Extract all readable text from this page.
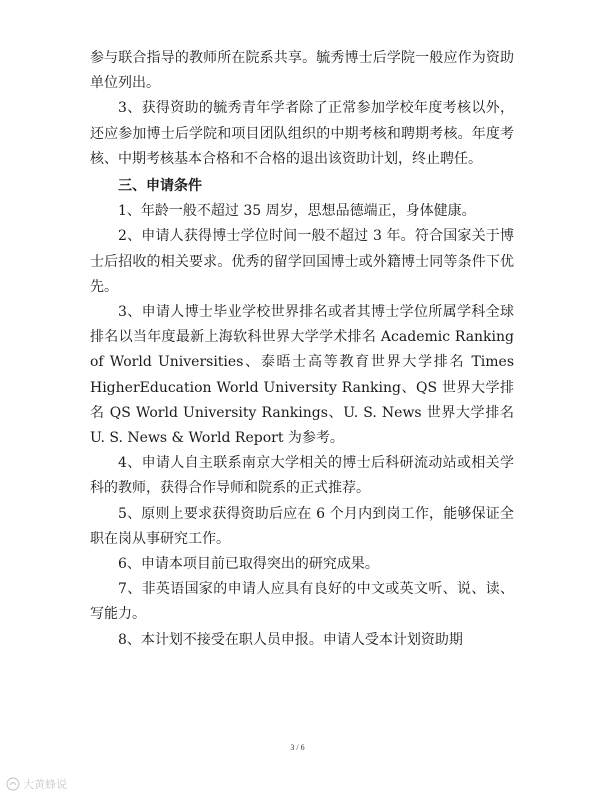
参与联合指导的教师所在院系共享。毓秀博士后学院一般应作为资助单位列出。

3、获得资助的毓秀青年学者除了正常参加学校年度考核以外，还应参加博士后学院和项目团队组织的中期考核和聘期考核。年度考核、中期考核基本合格和不合格的退出该资助计划，终止聘任。

三、申请条件

1、年龄一般不超过 35 周岁，思想品德端正，身体健康。

2、申请人获得博士学位时间一般不超过 3 年。符合国家关于博士后招收的相关要求。优秀的留学回国博士或外籍博士同等条件下优先。

3、申请人博士毕业学校世界排名或者其博士学位所属学科全球排名以当年度最新上海软科世界大学学术排名 Academic Ranking of World Universities、泰晤士高等教育世界大学排名 Times HigherEducation World University Ranking、QS 世界大学排名 QS World University Rankings、U. S. News 世界大学排名 U. S. News & World Report 为参考。

4、申请人自主联系南京大学相关的博士后科研流动站或相关学科的教师，获得合作导师和院系的正式推荐。

5、原则上要求获得资助后应在 6 个月内到岗工作，能够保证全职在岗从事研究工作。

6、申请本项目前已取得突出的研究成果。

7、非英语国家的申请人应具有良好的中文或英文听、说、读、写能力。

8、本计划不接受在职人员申报。申请人受本计划资助期

3 / 6
大黄蜂说
